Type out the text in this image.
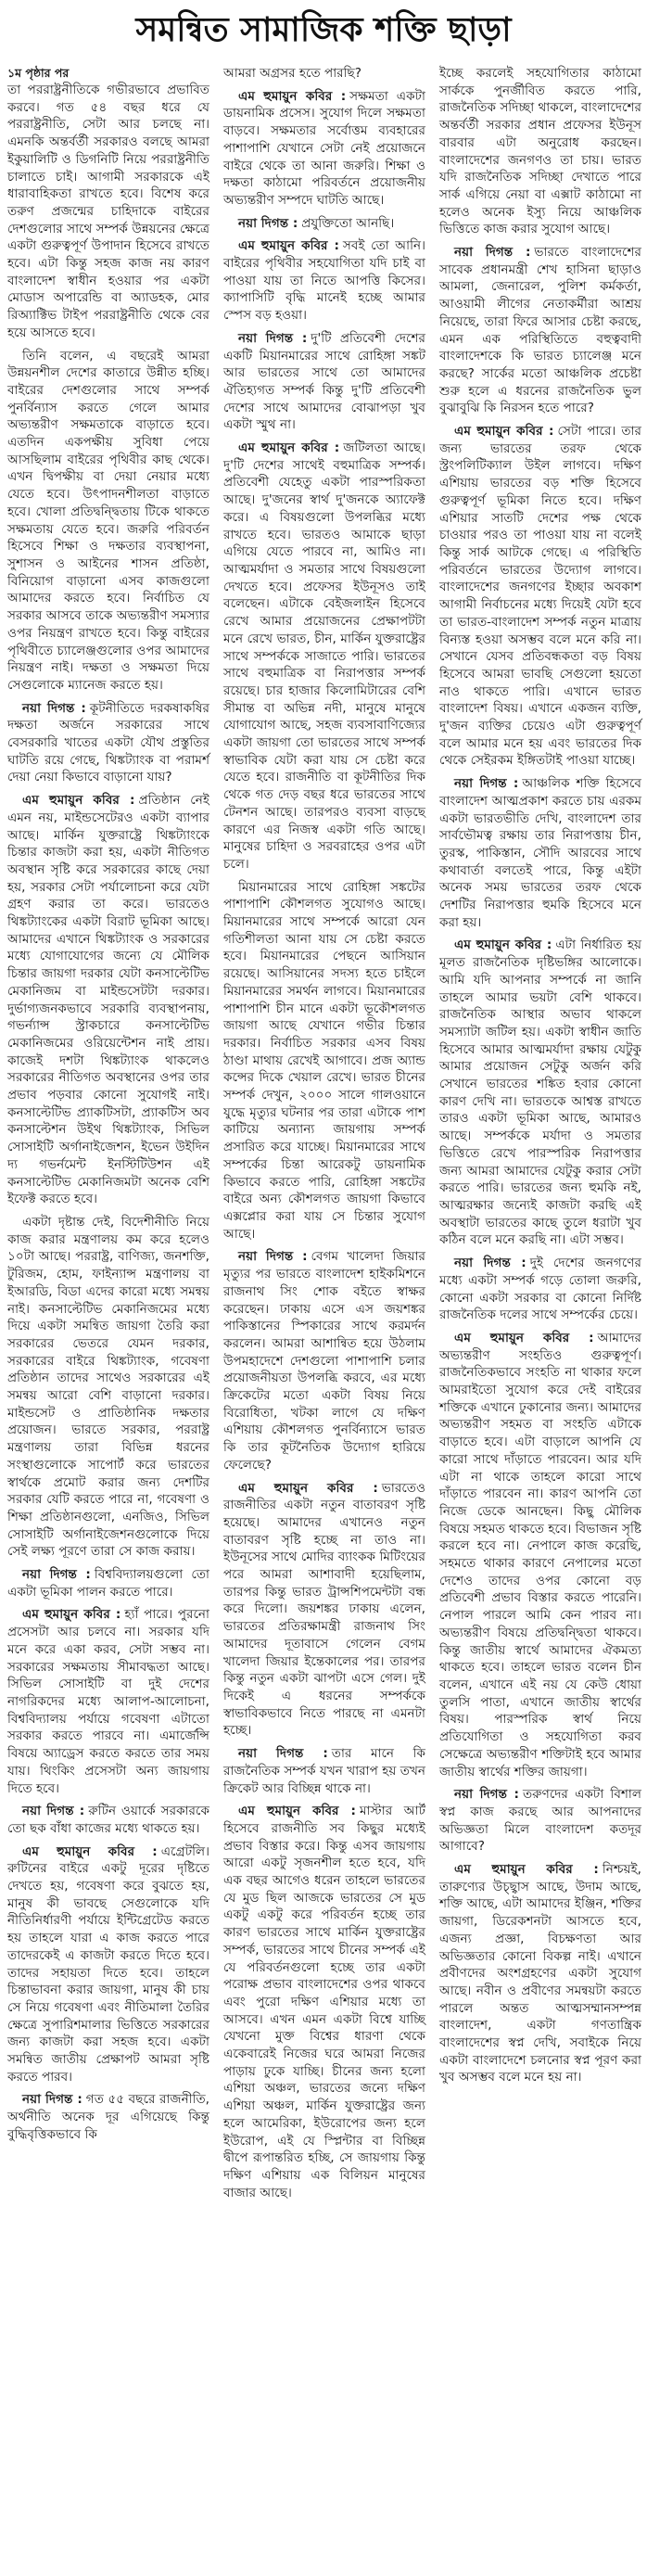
সমন্বিত সামাজিক শক্তি ছাড়া
১ম পৃষ্ঠার পর

তা পররাষ্ট্রনীতিকে গভীরভাবে প্রভাবিত করবে। গত ৫৪ বছর ধরে যে পররাষ্ট্রনীতি, সেটা আর চলছে না। এমনকি অন্তর্বর্তী সরকারও বলছে আমরা ইকুয়ালিটি ও ডিগনিটি নিয়ে পররাষ্ট্রনীতি চালাতে চাই। আগামী সরকারকে এই ধারাবাহিকতা রাখতে হবে। বিশেষ করে তরুণ প্রজন্মের চাহিদাকে বাইরের দেশগুলোর সাথে সম্পর্ক উন্নয়নের ক্ষেত্রে একটা গুরুত্বপূর্ণ উপাদান হিসেবে রাখতে হবে। এটা কিন্তু সহজ কাজ নয় কারণ বাংলাদেশ স্বাধীন হওয়ার পর একটা মোডাস অপারেন্ডি বা অ্যাডহক, মোর রিঅ্যাক্টিভ টাইপ পররাষ্ট্রনীতি থেকে বের হয়ে আসতে হবে।

তিনি বলেন, এ বছরেই আমরা উন্নয়নশীল দেশের কাতারে উন্নীত হচ্ছি। বাইরের দেশগুলোর সাথে সম্পর্ক পুনর্বিন্যাস করতে গেলে আমার অভ্যন্তরীণ সক্ষমতাকে বাড়াতে হবে। এতদিন একপক্ষীয় সুবিধা পেয়ে আসছিলাম বাইরের পৃথিবীর কাছ থেকে। এখন দ্বিপক্ষীয় বা দেয়া নেয়ার মধ্যে যেতে হবে। উৎপাদনশীলতা বাড়াতে হবে। খোলা প্রতিদ্বন্দ্বিতায় টিকে থাকতে সক্ষমতায় যেতে হবে। জরুরি পরিবর্তন হিসেবে শিক্ষা ও দক্ষতার ব্যবস্থাপনা, সুশাসন ও আইনের শাসন প্রতিষ্ঠা, বিনিয়োগ বাড়ানো এসব কাজগুলো আমাদের করতে হবে। নির্বাচিত যে সরকার আসবে তাকে অভ্যন্তরীণ সমস্যার ওপর নিয়ন্ত্রণ রাখতে হবে। কিন্তু বাইরের পৃথিবীতে চ্যালেঞ্জগুলোর ওপর আমাদের নিয়ন্ত্রণ নাই। দক্ষতা ও সক্ষমতা দিয়ে সেগুলোকে ম্যানেজ করতে হয়।

নয়া দিগন্ত : কূটনীতিতে দরকষাকষির দক্ষতা অর্জনে সরকারের সাথে বেসরকারি খাতের একটা যৌথ প্রস্তুতির ঘাটতি রয়ে গেছে, থিঙ্কট্যাংক বা পরামর্শ দেয়া নেয়া কিভাবে বাড়ানো যায়?

এম হুমায়ুন কবির : প্রতিষ্ঠান নেই এমন নয়, মাইন্ডসেটেরও একটা ব্যাপার আছে। মার্কিন যুক্তরাষ্ট্রে থিঙ্কট্যাংকে চিন্তার কাজটা করা হয়, একটা নীতিগত অবস্থান সৃষ্টি করে সরকারের কাছে দেয়া হয়, সরকার সেটা পর্যালোচনা করে যেটা গ্রহণ করার তা করে। ভারতেও থিঙ্কট্যাংকের একটা বিরাট ভূমিকা আছে। আমাদের এখানে থিঙ্কট্যাংক ও সরকারের মধ্যে যোগাযোগের জন্যে যে মৌলিক চিন্তার জায়গা দরকার যেটা কনসাল্টেটিভ মেকানিজম বা মাইন্ডসেটটা দরকার। দুর্ভাগ্যজনকভাবে সরকারি ব্যবস্থাপনায়, গভর্ন্যান্স স্ট্রাকচারে কনসাল্টেটিভ মেকানিজমের ওরিয়েন্টেশন নাই প্রায়। কাজেই দশটা থিঙ্কট্যাংক থাকলেও সরকারের নীতিগত অবস্থানের ওপর তার প্রভাব পড়বার কোনো সুযোগই নাই। কনসাল্টেটিভ প্র্যাকটিসটা, প্র্যাকটিস অব কনসাল্টেশন উইথ থিঙ্কট্যাংক, সিভিল সোসাইটি অর্গানাইজেশন, ইভেন উইদিন দ্য গভর্নমেন্ট ইনস্টিটিউশন এই কনসাল্টেটিভ মেকানিজমটা অনেক বেশি ইফেক্ট করতে হবে।

একটা দৃষ্টান্ত দেই, বিদেশীনীতি নিয়ে কাজ করার মন্ত্রণালয় কম করে হলেও ১০টা আছে। পররাষ্ট্র, বাণিজ্য, জনশক্তি, টুরিজম, হোম, ফাইন্যান্স মন্ত্রণালয় বা ইআরডি, বিডা এদের কারো মধ্যে সমন্বয় নাই। কনসাল্টেটিভ মেকানিজমের মধ্যে দিয়ে একটা সমন্বিত জায়গা তৈরি করা সরকারের ভেতরে যেমন দরকার, সরকারের বাইরে থিঙ্কট্যাংক, গবেষণা প্রতিষ্ঠান তাদের সাথেও সরকারের এই সমন্বয় আরো বেশি বাড়ানো দরকার। মাইন্ডসেট ও প্রাতিষ্ঠানিক দক্ষতার প্রয়োজন। ভারতে সরকার, পররাষ্ট্র মন্ত্রণালয় তারা বিভিন্ন ধরনের সংস্থাগুলোকে সাপোর্ট করে ভারতের স্বার্থকে প্রমোট করার জন্য দেশটির সরকার যেটি করতে পারে না, গবেষণা ও শিক্ষা প্রতিষ্ঠানগুলো, এনজিও, সিভিল সোসাইটি অর্গানাইজেশনগুলোকে দিয়ে সেই লক্ষ্য পূরণে তারা সে কাজ করায়।

নয়া দিগন্ত : বিশ্ববিদ্যালয়গুলো তো একটা ভূমিকা পালন করতে পারে।

এম হুমায়ুন কবির : হ্যাঁ পারে। পুরনো প্রসেসটা আর চলবে না। সরকার যদি মনে করে একা করব, সেটা সম্ভব না। সরকারের সক্ষমতায় সীমাবদ্ধতা আছে। সিভিল সোসাইটি বা দুই দেশের নাগরিকদের মধ্যে আলাপ-আলোচনা, বিশ্ববিদ্যালয় পর্যায়ে গবেষণা এটাতো সরকার করতে পারবে না। এমার্জেন্সি বিষয়ে অ্যাড্রেস করতে করতে তার সময় যায়। থিংকিং প্রসেসটা অন্য জায়গায় দিতে হবে।

নয়া দিগন্ত : রুটিন ওয়ার্কে সরকারকে তো ছক বাঁধা কাজের মধ্যে থাকতে হয়।

এম হুমায়ুন কবির : এগ্রেটলি। রুটিনের বাইরে একটু দূরের দৃষ্টিতে দেখতে হয়, গবেষণা করে বুঝতে হয়, মানুষ কী ভাবছে সেগুলোকে যদি নীতিনির্ধারণী পর্যায়ে ইন্টিগ্রেটেড করতে হয় তাহলে যারা এ কাজ করতে পারে তাদেরকেই এ কাজটা করতে দিতে হবে। তাদের সহায়তা দিতে হবে। তাহলে চিন্তাভাবনা করার জায়গা, মানুষ কী চায় সে নিয়ে গবেষণা এবং নীতিমালা তৈরির ক্ষেত্রে সুপারিশমালার ভিত্তিতে সরকারের জন্য কাজটা করা সহজ হবে। একটা সমন্বিত জাতীয় প্রেক্ষাপট আমরা সৃষ্টি করতে পারব।

নয়া দিগন্ত : গত ৫৫ বছরে রাজনীতি, অর্থনীতি অনেক দূর এগিয়েছে কিন্তু বুদ্ধিবৃত্তিকভাবে কি

আমরা অগ্রসর হতে পারছি?

এম হুমায়ুন কবির : সক্ষমতা একটা ডায়নামিক প্রসেস। সুযোগ দিলে সক্ষমতা বাড়বে। সক্ষমতার সর্বোত্তম ব্যবহারের পাশাপাশি যেখানে সেটা নেই প্রয়োজনে বাইরে থেকে তা আনা জরুরি। শিক্ষা ও দক্ষতা কাঠামো পরিবর্তনে প্রয়োজনীয় অভ্যন্তরীণ সম্পদে ঘাটতি আছে।

নয়া দিগন্ত : প্রযুক্তিতো আনছি।

এম হুমায়ুন কবির : সবই তো আনি। বাইরের পৃথিবীর সহযোগিতা যদি চাই বা পাওয়া যায় তা নিতে আপত্তি কিসের। ক্যাপাসিটি বৃদ্ধি মানেই হচ্ছে আমার স্পেস বড় হওয়া।

নয়া দিগন্ত : দু'টি প্রতিবেশী দেশের একটি মিয়ানমারের সাথে রোহিঙ্গা সঙ্কট আর ভারতের সাথে তো আমাদের ঐতিহ্যগত সম্পর্ক কিন্তু দু'টি প্রতিবেশী দেশের সাথে আমাদের বোঝাপড়া খুব একটা স্মুথ না।

এম হুমায়ুন কবির : জটিলতা আছে। দু'টি দেশের সাথেই বহুমাত্রিক সম্পর্ক। প্রতিবেশী যেহেতু একটা পারস্পরিকতা আছে। দু'জনের স্বার্থ দু'জনকে অ্যাফেক্ট করে। এ বিষয়গুলো উপলব্ধির মধ্যে রাখতে হবে। ভারতও আমাকে ছাড়া এগিয়ে যেতে পারবে না, আমিও না। আত্মমর্যাদা ও সমতার সাথে বিষয়গুলো দেখতে হবে। প্রফেসর ইউনূসও তাই বলেছেন। এটাকে বেইজলাইন হিসেবে রেখে আমার প্রয়োজনের প্রেক্ষাপটটা মনে রেখে ভারত, চীন, মার্কিন যুক্তরাষ্ট্রের সাথে সম্পর্ককে সাজাতে পারি। ভারতের সাথে বহুমাত্রিক বা নিরাপত্তার সম্পর্ক রয়েছে। চার হাজার কিলোমিটারের বেশি সীমান্ত বা অভিন্ন নদী, মানুষে মানুষে যোগাযোগ আছে, সহজ ব্যবসাবাণিজ্যের একটা জায়গা তো ভারতের সাথে সম্পর্ক স্বাভাবিক যেটা করা যায় সে চেষ্টা করে যেতে হবে। রাজনীতি বা কূটনীতির দিক থেকে গত দেড় বছর ধরে ভারতের সাথে টেনশন আছে। তারপরও ব্যবসা বাড়ছে কারণে এর নিজস্ব একটা গতি আছে। মানুষের চাহিদা ও সরবরাহের ওপর এটা চলে।

মিয়ানমারের সাথে রোহিঙ্গা সঙ্কটের পাশাপাশি কৌশলগত সুযোগও আছে। মিয়ানমারের সাথে সম্পর্কে আরো যেন গতিশীলতা আনা যায় সে চেষ্টা করতে হবে। মিয়ানমারের পেছনে আসিয়ান রয়েছে। আসিয়ানের সদস্য হতে চাইলে মিয়ানমারের সমর্থন লাগবে। মিয়ানমারের পাশাপাশি চীন মানে একটা ভূকৌশলগত জায়গা আছে যেখানে গভীর চিন্তার দরকার। নির্বাচিত সরকার এসব বিষয় ঠাণ্ডা মাথায় রেখেই আগাবে। প্রজ অ্যান্ড কন্সের দিকে খেয়াল রেখে। ভারত চীনের সম্পর্ক দেখুন, ২০০০ সালে গালওয়ানে যুদ্ধে মৃত্যুর ঘটনার পর তারা এটাকে পাশ কাটিয়ে অন্যান্য জায়গায় সম্পর্ক প্রসারিত করে যাচ্ছে। মিয়ানমারের সাথে সম্পর্কের চিন্তা আরেকটু ডায়নামিক কিভাবে করতে পারি, রোহিঙ্গা সঙ্কটের বাইরে অন্য কৌশলগত জায়গা কিভাবে এক্সপ্লোর করা যায় সে চিন্তার সুযোগ আছে।

নয়া দিগন্ত : বেগম খালেদা জিয়ার মৃত্যুর পর ভারতে বাংলাদেশ হাইকমিশনে রাজনাথ সিং শোক বইতে স্বাক্ষর করেছেন। ঢাকায় এসে এস জয়শঙ্কর পাকিস্তানের স্পিকারের সাথে করমর্দন করলেন। আমরা আশান্বিত হয়ে উঠলাম উপমহাদেশে দেশগুলো পাশাপাশি চলার প্রয়োজনীয়তা উপলব্ধি করবে, এর মধ্যে ক্রিকেটের মতো একটা বিষয় নিয়ে বিরোধিতা, খটকা লাগে যে দক্ষিণ এশিয়ায় কৌশলগত পুনর্বিন্যাসে ভারত কি তার কূটনৈতিক উদ্যোগ হারিয়ে ফেলেছে?

এম হুমায়ুন কবির : ভারতেও রাজনীতির একটা নতুন বাতাবরণ সৃষ্টি হয়েছে। আমাদের এখানেও নতুন বাতাবরণ সৃষ্টি হচ্ছে না তাও না। ইউনূসের সাথে মোদির ব্যাংকক মিটিংয়ের পরে আমরা আশাবাদী হয়েছিলাম, তারপর কিন্তু ভারত ট্রান্সশিপমেন্টটা বন্ধ করে দিলো। জয়শঙ্কর ঢাকায় এলেন, ভারতের প্রতিরক্ষামন্ত্রী রাজনাথ সিং আমাদের দূতাবাসে গেলেন বেগম খালেদা জিয়ার ইন্তেকালের পর। তারপর কিন্তু নতুন একটা ঝাপটা এসে গেল। দুই দিকেই এ ধরনের সম্পর্ককে স্বাভাবিকভাবে নিতে পারছে না এমনটা হচ্ছে।

নয়া দিগন্ত : তার মানে কি রাজনৈতিক সম্পর্ক যখন খারাপ হয় তখন ক্রিকেট আর বিচ্ছিন্ন থাকে না।

এম হুমায়ুন কবির : মাস্টার আর্ট হিসেবে রাজনীতি সব কিছুর মধ্যেই প্রভাব বিস্তার করে। কিন্তু এসব জায়গায় আরো একটু সৃজনশীল হতে হবে, যদি এক বছর আগেও ধরেন তাহলে ভারতের যে মুড ছিল আজকে ভারতের সে মুড একটু একটু করে পরিবর্তন হচ্ছে তার কারণ ভারতের সাথে মার্কিন যুক্তরাষ্ট্রের সম্পর্ক, ভারতের সাথে চীনের সম্পর্ক এই যে পরিবর্তনগুলো হচ্ছে তার একটা পরোক্ষ প্রভাব বাংলাদেশের ওপর থাকবে এবং পুরো দক্ষিণ এশিয়ার মধ্যে তা আসবে। এখন এমন একটা বিশ্বে যাচ্ছি যেখনো মুক্ত বিশ্বের ধারণা থেকে একেবারেই নিজের ঘরে আমরা নিজের পাড়ায় ঢুকে যাচ্ছি। চীনের জন্য হলো এশিয়া অঞ্চল, ভারতের জন্যে দক্ষিণ এশিয়া অঞ্চল, মার্কিন যুক্তরাষ্ট্রের জন্য হলে আমেরিকা, ইউরোপের জন্য হলে ইউরোপ, এই যে স্প্লিন্টার বা বিচ্ছিন্ন দ্বীপে রূপান্তরিত হচ্ছি, সে জায়গায় কিন্তু দক্ষিণ এশিয়ায় এক বিলিয়ন মানুষের বাজার আছে।

ইচ্ছে করলেই সহযোগিতার কাঠামো সার্ককে পুনর্জীবিত করতে পারি, রাজনৈতিক সদিচ্ছা থাকলে, বাংলাদেশের অন্তর্বর্তী সরকার প্রধান প্রফেসর ইউনূস বারবার এটা অনুরোধ করছেন। বাংলাদেশের জনগণও তা চায়। ভারত যদি রাজনৈতিক সদিচ্ছা দেখাতে পারে সার্ক এগিয়ে নেয়া বা এক্সাট কাঠামো না হলেও অনেক ইস্যু নিয়ে আঞ্চলিক ভিত্তিতে কাজ করার সুযোগ আছে।

নয়া দিগন্ত : ভারতে বাংলাদেশের সাবেক প্রধানমন্ত্রী শেখ হাসিনা ছাড়াও আমলা, জেনারেল, পুলিশ কর্মকর্তা, আওয়ামী লীগের নেতাকর্মীরা আশ্রয় নিয়েছে, তারা ফিরে আসার চেষ্টা করছে, এমন এক পরিস্থিতিতে বহুত্ববাদী বাংলাদেশকে কি ভারত চ্যালেঞ্জ মনে করছে? সার্কের মতো আঞ্চলিক প্রচেষ্টা শুরু হলে এ ধরনের রাজনৈতিক ভুল বুঝাবুঝি কি নিরসন হতে পারে?

এম হুমায়ুন কবির : সেটা পারে। তার জন্য ভারতের তরফ থেকে স্ট্রংপলিটিক্যাল উইল লাগবে। দক্ষিণ এশিয়ায় ভারতের বড় শক্তি হিসেবে গুরুত্বপূর্ণ ভূমিকা নিতে হবে। দক্ষিণ এশিয়ার সাতটি দেশের পক্ষ থেকে চাওয়ার পরও তা পাওয়া যায় না বলেই কিন্তু সার্ক আটকে গেছে। এ পরিস্থিতি পরিবর্তনে ভারতের উদ্যোগ লাগবে। বাংলাদেশের জনগণের ইচ্ছার অবকাশ আগামী নির্বাচনের মধ্যে দিয়েই যেটা হবে তা ভারত-বাংলাদেশ সম্পর্ক নতুন মাত্রায় বিন্যস্ত হওয়া অসম্ভব বলে মনে করি না। সেখানে যেসব প্রতিবন্ধকতা বড় বিষয় হিসেবে আমরা ভাবছি সেগুলো হয়তো নাও থাকতে পারি। এখানে ভারত বাংলাদেশ বিষয়। এখানে একজন ব্যক্তি, দু'জন ব্যক্তির চেয়েও এটা গুরুত্বপূর্ণ বলে আমার মনে হয় এবং ভারতের দিক থেকে সেইরকম ইঙ্গিতটাই পাওয়া যাচ্ছে।

নয়া দিগন্ত : আঞ্চলিক শক্তি হিসেবে বাংলাদেশ আত্মপ্রকাশ করতে চায় এরকম একটা ভারতভীতি দেখি, বাংলাদেশ তার সার্বভৌমত্ব রক্ষায় তার নিরাপত্তায় চীন, তুরস্ক, পাকিস্তান, সৌদি আরবের সাথে কথাবার্তা বলতেই পারে, কিন্তু এইটা অনেক সময় ভারতের তরফ থেকে দেশটির নিরাপত্তার হুমকি হিসেবে মনে করা হয়।

এম হুমায়ুন কবির : এটা নির্ধারিত হয় মূলত রাজনৈতিক দৃষ্টিভঙ্গির আলোকে। আমি যদি আপনার সম্পর্কে না জানি তাহলে আমার ভয়টা বেশি থাকবে। রাজনৈতিক আস্থার অভাব থাকলে সমস্যাটা জটিল হয়। একটা স্বাধীন জাতি হিসেবে আমার আত্মমর্যাদা রক্ষায় যেটুকু আমার প্রয়োজন সেটুকু অর্জন করি সেখানে ভারতের শঙ্কিত হবার কোনো কারণ দেখি না। ভারতকে আশ্বস্ত রাখতে তারও একটা ভূমিকা আছে, আমারও আছে। সম্পর্ককে মর্যাদা ও সমতার ভিত্তিতে রেখে পারস্পরিক নিরাপত্তার জন্য আমরা আমাদের যেটুকু করার সেটা করতে পারি। ভারতের জন্য হুমকি নই, আত্মরক্ষার জন্যেই কাজটা করছি এই অবস্থাটা ভারতের কাছে তুলে ধরাটা খুব কঠিন বলে মনে করছি না। এটা সম্ভব।

নয়া দিগন্ত : দুই দেশের জনগণের মধ্যে একটা সম্পর্ক গড়ে তোলা জরুরি, কোনো একটা সরকার বা কোনো নির্দিষ্ট রাজনৈতিক দলের সাথে সম্পর্কের চেয়ে।

এম হুমায়ুন কবির : আমাদের অভ্যন্তরীণ সংহতিও গুরুত্বপূর্ণ। রাজনৈতিকভাবে সংহতি না থাকার ফলে আমরাইতো সুযোগ করে দেই বাইরের শক্তিকে এখানে ঢুকানোর জন্য। আমাদের অভ্যন্তরীণ সহমত বা সংহতি এটাকে বাড়াতে হবে। এটা বাড়ালে আপনি যে কারো সাথে দাঁড়াতে পারবেন। আর যদি এটা না থাকে তাহলে কারো সাথে দাঁড়াতে পারবেন না। কারণ আপনি তো নিজে ডেকে আনছেন। কিছু মৌলিক বিষয়ে সহমত থাকতে হবে। বিভাজন সৃষ্টি করলে হবে না। নেপালে কাজ করেছি, সহমতে থাকার কারণে নেপালের মতো দেশেও তাদের ওপর কোনো বড় প্রতিবেশী প্রভাব বিস্তার করতে পারেনি। নেপাল পারলে আমি কেন পারব না। অভ্যন্তরীণ বিষয়ে প্রতিদ্বন্দ্বিতা থাকবে। কিন্তু জাতীয় স্বার্থে আমাদের ঐকমত্য থাকতে হবে। তাহলে ভারত বলেন চীন বলেন, এখানে এই নয় যে কেউ ধোয়া তুলসি পাতা, এখানে জাতীয় স্বার্থের বিষয়। পারস্পরিক স্বার্থ নিয়ে প্রতিযোগিতা ও সহযোগিতা করব সেক্ষেত্রে অভ্যন্তরীণ শক্তিটাই হবে আমার জাতীয় স্বার্থের শক্তির জায়গা।

নয়া দিগন্ত : তরুণদের একটা বিশাল স্বপ্ন কাজ করছে আর আপনাদের অভিজ্ঞতা মিলে বাংলাদেশ কতদূর আগাবে?

এম হুমায়ুন কবির : নিশ্চয়ই, তারুণ্যের উচ্ছ্বাস আছে, উদাম আছে, শক্তি আছে, এটা আমাদের ইঞ্জিন, শক্তির জায়গা, ডিরেকশনটা আসতে হবে, এজন্য প্রজ্ঞা, বিচক্ষণতা আর অভিজ্ঞতার কোনো বিকল্প নাই। এখানে প্রবীণদের অংশগ্রহণের একটা সুযোগ আছে। নবীন ও প্রবীণের সমন্বয়টা করতে পারলে অন্তত আত্মসম্মানসম্পন্ন বাংলাদেশ, একটা গণতান্ত্রিক বাংলাদেশের স্বপ্ন দেখি, সবাইকে নিয়ে একটা বাংলাদেশে চলনোর স্বপ্ন পূরণ করা খুব অসম্ভব বলে মনে হয় না।
